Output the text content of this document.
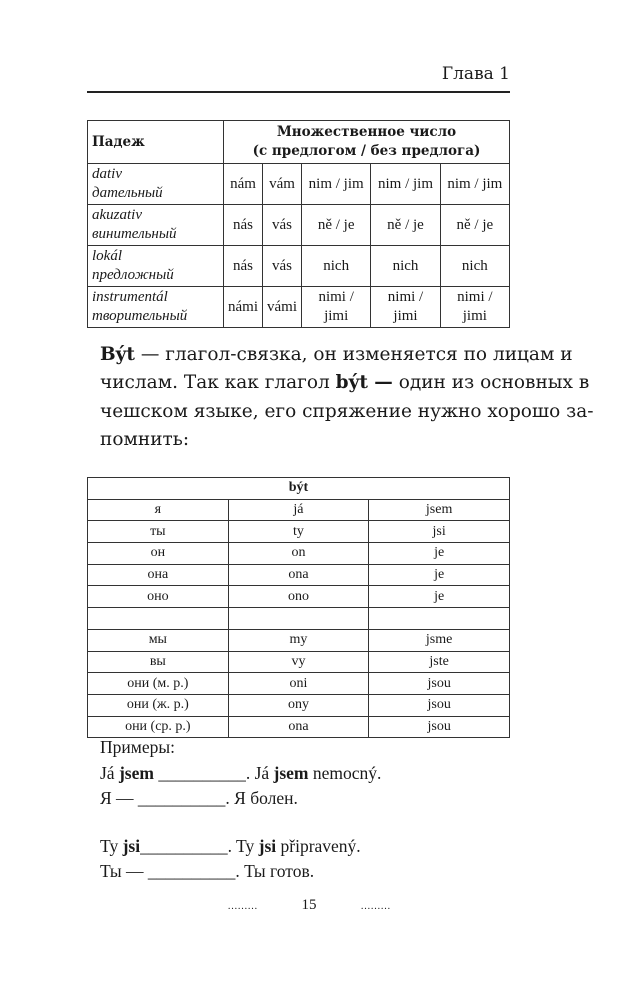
Глава 1
Падеж	Множественное число
(с предлогом / без предлога)				

dativ
дательный	nám	vám	nim / jim	nim / jim	nim / jim

akuzativ
винительный	nás	vás	ně / je	ně / je	ně / je

lokál
предложный	nás	vás	nich	nich	nich

instrumentál
творительный	námi	vámi	nimi / jimi	nimi / jimi	nimi / jimi
Být — глагол-связка, он изменяется по лицам и
числам. Так как глагол být — один из основных в
чешском языке, его спряжение нужно хорошо за-
помнить:
být		
я	já	jsem
ты	ty	jsi
он	on	je
она	ona	je
оно	ono	je

мы	my	jsme
вы	vy	jste
они (м. р.)	oni	jsou
они (ж. р.)	ony	jsou
они (ср. р.)	ona	jsou
Примеры:
Já jsem __________. Já jsem nemocný.
Я — __________. Я болен.
Ty jsi__________. Ty jsi připravený.
Ты — __________. Ты готов.
………	15	………
